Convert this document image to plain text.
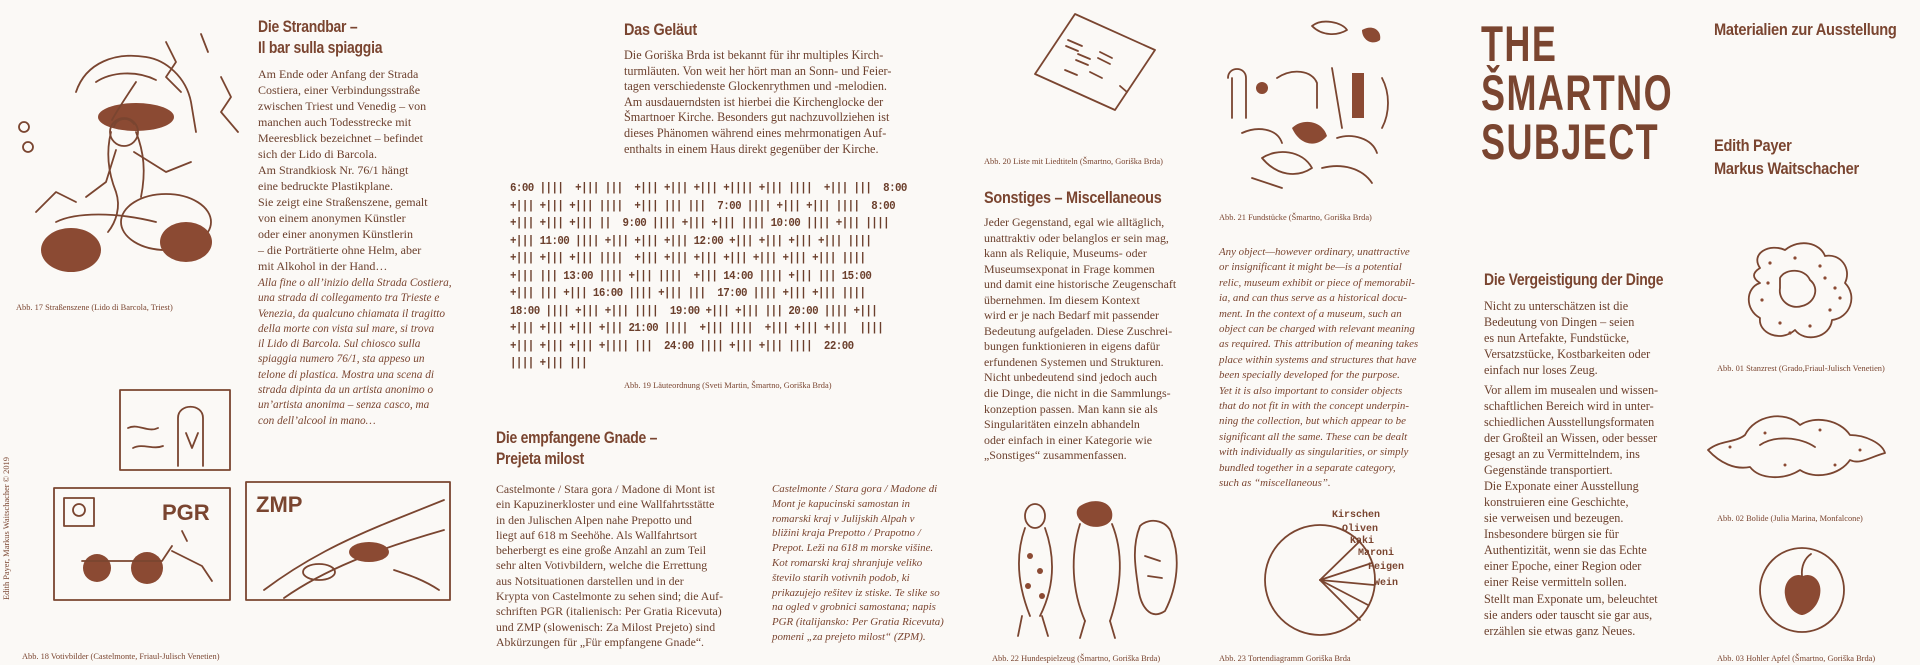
Edith Payer, Markus Waitschacher © 2019
Abb. 17 Straßenszene (Lido di Barcola, Triest)
Die Strandbar –
Il bar sulla spiaggia
Am Ende oder Anfang der Strada
Costiera, einer Verbindungsstraße
zwischen Triest und Venedig – von
manchen auch Todesstrecke mit
Meeresblick bezeichnet – befindet
sich der Lido di Barcola.
Am Strandkiosk Nr. 76/1 hängt
eine bedruckte Plastikplane.
Sie zeigt eine Straßenszene, gemalt
von einem anonymen Künstler
oder einer anonymen Künstlerin
– die Porträtierte ohne Helm, aber
mit Alkohol in der Hand…
Alla fine o all’inizio della Strada Costiera,
una strada di collegamento tra Trieste e
Venezia, da qualcuno chiamata il tragitto
della morte con vista sul mare, si trova
il Lido di Barcola. Sul chiosco sulla
spiaggia numero 76/1, sta appeso un
telone di plastica. Mostra una scena di
strada dipinta da un artista anonimo o
un’artista anonima – senza casco, ma
con dell’alcool in mano…
PGR ZMP
Abb. 18 Votivbilder (Castelmonte, Friaul-Julisch Venetien)
Das Geläut
Die Goriška Brda ist bekannt für ihr multiples Kirch-
turmläuten. Von weit her hört man an Sonn- und Feier-
tagen verschiedenste Glockenrythmen und -melodien.
Am ausdauerndsten ist hierbei die Kirchenglocke der
Šmartnoer Kirche. Besonders gut nachzuvollziehen ist
dieses Phänomen während eines mehrmonatigen Auf-
enthalts in einem Haus direkt gegenüber der Kirche.
6:00 ||||  +||| |||  +||| +||| +||| +|||| +||| ||||  +||| |||  8:00
+||| +||| +||| ||||  +||| ||| |||  7:00 |||| +||| +||| ||||  8:00
+||| +||| +||| ||  9:00 |||| +||| +||| |||| 10:00 |||| +||| ||||
+||| 11:00 |||| +||| +||| +||| 12:00 +||| +||| +||| +||| ||||
+||| +||| +||| ||||  +||| +||| +||| +||| +||| +||| +||| ||||
+||| ||| 13:00 |||| +||| ||||  +||| 14:00 |||| +||| ||| 15:00
+||| ||| +||| 16:00 |||| +||| |||  17:00 |||| +||| +||| ||||
18:00 |||| +||| +||| ||||  19:00 +||| +||| ||| 20:00 |||| +|||
+||| +||| +||| +||| 21:00 ||||  +||| ||||  +||| +||| +|||  ||||
+||| +||| +||| +|||| |||  24:00 |||| +||| +||| ||||  22:00
|||| +||| |||
Abb. 19 Läuteordnung (Sveti Martin, Šmartno, Goriška Brda)
Die empfangene Gnade –
Prejeta milost
Castelmonte / Stara gora / Madone di Mont ist
ein Kapuzinerkloster und eine Wallfahrtsstätte
in den Julischen Alpen nahe Prepotto und
liegt auf 618 m Seehöhe. Als Wallfahrtsort
beherbergt es eine große Anzahl an zum Teil
sehr alten Votivbildern, welche die Errettung
aus Notsituationen darstellen und in der
Krypta von Castelmonte zu sehen sind; die Auf-
schriften PGR (italienisch: Per Gratia Ricevuta)
und ZMP (slowenisch: Za Milost Prejeto) sind
Abkürzungen für „Für empfangene Gnade“.
Castelmonte / Stara gora / Madone di
Mont je kapucinski samostan in
romarski kraj v Julijskih Alpah v
bližini kraja Prepotto / Prapotno /
Prepot. Leži na 618 m morske višine.
Kot romarski kraj shranjuje veliko
število starih votivnih podob, ki
prikazujejo rešitev iz stiske. Te slike so
na ogled v grobnici samostana; napis
PGR (italijansko: Per Gratia Ricevuta)
pomeni „za prejeto milost“ (ZPM).
Abb. 20 Liste mit Liedtiteln (Šmartno, Goriška Brda)
Abb. 21 Fundstücke (Šmartno, Goriška Brda)
Sonstiges – Miscellaneous
Jeder Gegenstand, egal wie alltäglich,
unattraktiv oder belanglos er sein mag,
kann als Reliquie, Museums- oder
Museumsexponat in Frage kommen
und damit eine historische Zeugenschaft
übernehmen. Im diesem Kontext
wird er je nach Bedarf mit passender
Bedeutung aufgeladen. Diese Zuschrei-
bungen funktionieren in eigens dafür
erfundenen Systemen und Strukturen.
Nicht unbedeutend sind jedoch auch
die Dinge, die nicht in die Sammlungs-
konzeption passen. Man kann sie als
Singularitäten einzeln abhandeln
oder einfach in einer Kategorie wie
„Sonstiges“ zusammenfassen.
Any object—however ordinary, unattractive
or insignificant it might be—is a potential
relic, museum exhibit or piece of memorabil-
ia, and can thus serve as a historical docu-
ment. In the context of a museum, such an
object can be charged with relevant meaning
as required. This attribution of meaning takes
place within systems and structures that have
been specially developed for the purpose.
Yet it is also important to consider objects
that do not fit in with the concept underpin-
ning the collection, but which appear to be
significant all the same. These can be dealt
with individually as singularities, or simply
bundled together in a separate category,
such as “miscellaneous”.
Abb. 22 Hundespielzeug (Šmartno, Goriška Brda)
Kirschen Oliven Kaki Maroni Feigen Wein
Abb. 23 Tortendiagramm Goriška Brda
THE
ŠMARTNO
SUBJECT
Materialien zur Ausstellung
Edith Payer
Markus Waitschacher
Die Vergeistigung der Dinge
Nicht zu unterschätzen ist die
Bedeutung von Dingen – seien
es nun Artefakte, Fundstücke,
Versatzstücke, Kostbarkeiten oder
einfach nur loses Zeug.
Vor allem im musealen und wissen-
schaftlichen Bereich wird in unter-
schiedlichen Ausstellungsformaten
der Großteil an Wissen, oder besser
gesagt an zu Vermittelndem, ins
Gegenstände transportiert.
Die Exponate einer Ausstellung
konstruieren eine Geschichte,
sie verweisen und bezeugen.
Insbesondere bürgen sie für
Authentizität, wenn sie das Echte
einer Epoche, einer Region oder
einer Reise vermitteln sollen.
Stellt man Exponate um, beleuchtet
sie anders oder tauscht sie gar aus,
erzählen sie etwas ganz Neues.
Abb. 01 Stanzrest (Grado,Friaul-Julisch Venetien)
Abb. 02 Bolide (Julia Marina, Monfalcone)
Abb. 03 Hohler Apfel (Šmartno, Goriška Brda)
